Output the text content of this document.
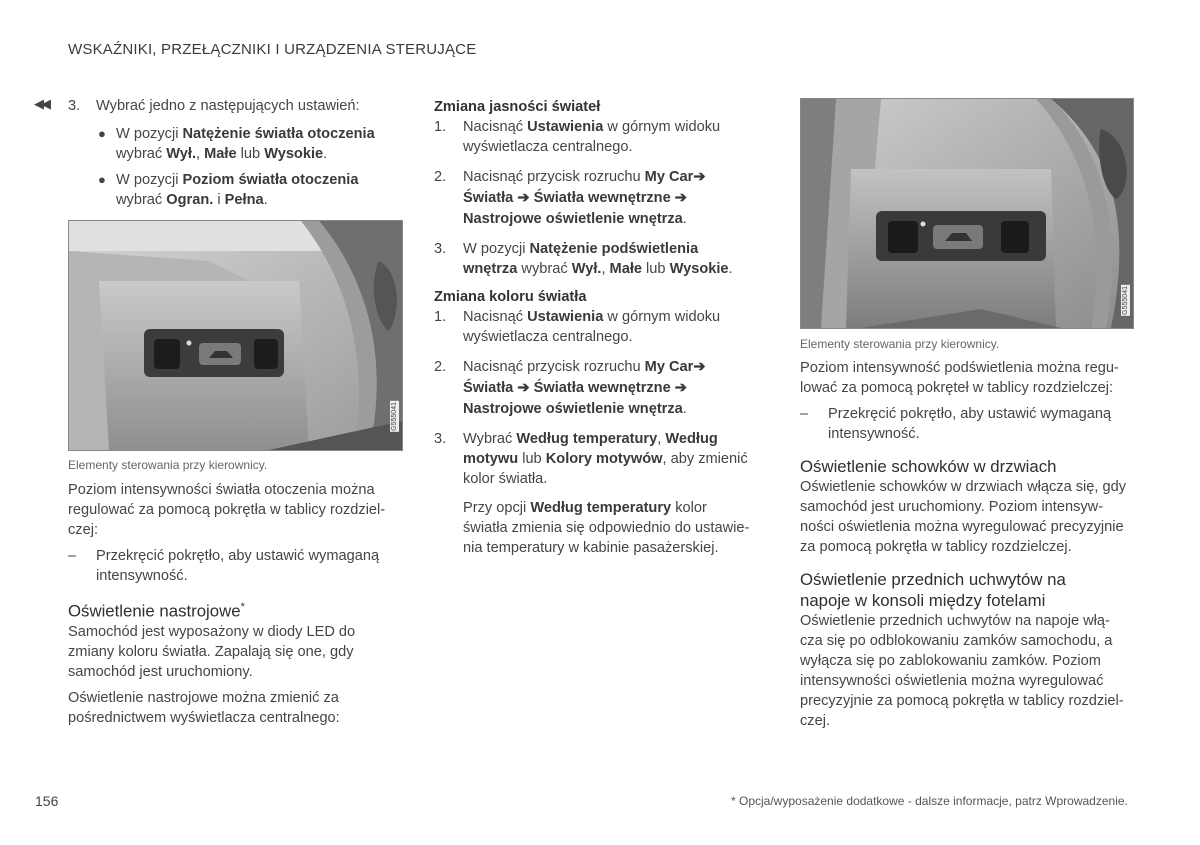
WSKAŹNIKI, PRZEŁĄCZNIKI I URZĄDZENIA STERUJĄCE
◀◀ 3. Wybrać jedno z następujących ustawień:
● W pozycji Natężenie światła otoczenia

wybrać Wył., Małe lub Wysokie.

● W pozycji Poziom światła otoczenia

wybrać Ogran. i Pełna.

G555041
Elementy sterowania przy kierownicy.

Poziom intensywności światła otoczenia można

regulować za pomocą pokrętła w tablicy rozdziel-

czej:

– Przekręcić pokrętło, aby ustawić wymaganą

intensywność.

Oświetlenie nastrojowe*

Samochód jest wyposażony w diody LED do

zmiany koloru światła. Zapalają się one, gdy

samochód jest uruchomiony.

Oświetlenie nastrojowe można zmienić za

pośrednictwem wyświetlacza centralnego:

Zmiana jasności świateł
1. Nacisnąć Ustawienia w górnym widoku

wyświetlacza centralnego.

2. Nacisnąć przycisk rozruchu My Car➔

Światła ➔ Światła wewnętrzne ➔

Nastrojowe oświetlenie wnętrza.

3. W pozycji Natężenie podświetlenia

wnętrza wybrać Wył., Małe lub Wysokie.

Zmiana koloru światła
1. Nacisnąć Ustawienia w górnym widoku

wyświetlacza centralnego.

2. Nacisnąć przycisk rozruchu My Car➔

Światła ➔ Światła wewnętrzne ➔

Nastrojowe oświetlenie wnętrza.

3. Wybrać Według temperatury, Według

motywu lub Kolory motywów, aby zmienić

kolor światła.

Przy opcji Według temperatury kolor

światła zmienia się odpowiednio do ustawie-

nia temperatury w kabinie pasażerskiej.

G555041
Elementy sterowania przy kierownicy.

Poziom intensywność podświetlenia można regu-

lować za pomocą pokręteł w tablicy rozdzielczej:

– Przekręcić pokrętło, aby ustawić wymaganą

intensywność.

Oświetlenie schowków w drzwiach

Oświetlenie schowków w drzwiach włącza się, gdy

samochód jest uruchomiony. Poziom intensyw-

ności oświetlenia można wyregulować precyzyjnie

za pomocą pokrętła w tablicy rozdzielczej.

Oświetlenie przednich uchwytów na
napoje w konsoli między fotelami

Oświetlenie przednich uchwytów na napoje włą-

cza się po odblokowaniu zamków samochodu, a

wyłącza się po zablokowaniu zamków. Poziom

intensywności oświetlenia można wyregulować

precyzyjnie za pomocą pokrętła w tablicy rozdziel-

czej.

156	* Opcja/wyposażenie dodatkowe - dalsze informacje, patrz Wprowadzenie.
